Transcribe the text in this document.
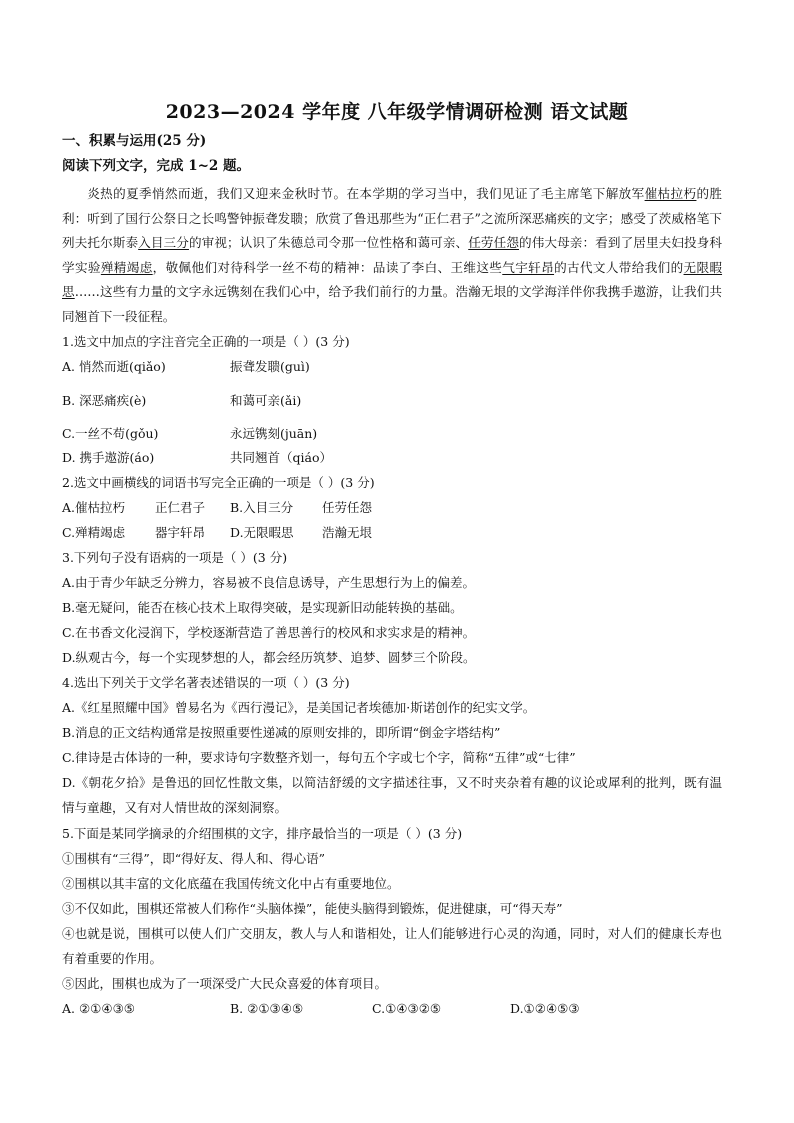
2023—2024 学年度 八年级学情调研检测 语文试题
一、积累与运用(25 分)
阅读下列文字，完成 1~2 题。
炎热的夏季悄然而逝，我们又迎来金秋时节。在本学期的学习当中，我们见证了毛主席笔下解放军催枯拉朽的胜利：听到了国行公祭日之长鸣警钟振聋发聩；欣赏了鲁迅那些为“正仁君子”之流所深恶痛疾的文字；感受了茨威格笔下列夫托尔斯泰入目三分的审视；认识了朱德总司令那一位性格和蔼可亲、任劳任怨的伟大母亲：看到了居里夫妇投身科学实验殚精竭虑，敬佩他们对待科学一丝不苟的精神：品读了李白、王维这些气宇轩昂的古代文人带给我们的无限暇思……这些有力量的文字永远镌刻在我们心中，给予我们前行的力量。浩瀚无垠的文学海洋伴你我携手遨游，让我们共同翘首下一段征程。
1.选文中加点的字注音完全正确的一项是（ ）(3 分)
A. 悄然而逝(qiǎo)	振聋发聩(guì)
B. 深恶痛疾(è)	和蔼可亲(ǎi)
C.一丝不苟(gǒu)	永远镌刻(juān)
D. 携手遨游(áo)	共同翘首（qiáo）
2.选文中画横线的词语书写完全正确的一项是（ ）(3 分)
A.催枯拉朽 正仁君子 B.入目三分 任劳任怨
C.殚精竭虑 器宇轩昂 D.无限暇思 浩瀚无垠
3.下列句子没有语病的一项是（ ）(3 分)
A.由于青少年缺乏分辨力，容易被不良信息诱导，产生思想行为上的偏差。
B.毫无疑问，能否在核心技术上取得突破，是实现新旧动能转换的基础。
C.在书香文化浸润下，学校逐渐营造了善思善行的校风和求实求是的精神。
D.纵观古今，每一个实现梦想的人，都会经历筑梦、追梦、圆梦三个阶段。
4.选出下列关于文学名著表述错误的一项（ ）(3 分)
A.《红星照耀中国》曾易名为《西行漫记》，是美国记者埃德加·斯诺创作的纪实文学。
B.消息的正文结构通常是按照重要性递减的原则安排的，即所谓“倒金字塔结构”
C.律诗是古体诗的一种，要求诗句字数整齐划一，每句五个字或七个字，简称“五律”或“七律”
D.《朝花夕拾》是鲁迅的回忆性散文集，以简洁舒缓的文字描述往事，又不时夹杂着有趣的议论或犀利的批判，既有温情与童趣，又有对人情世故的深刻洞察。
5.下面是某同学摘录的介绍围棋的文字，排序最恰当的一项是（ ）(3 分)
①围棋有“三得”，即“得好友、得人和、得心语”
②围棋以其丰富的文化底蕴在我国传统文化中占有重要地位。
③不仅如此，围棋还常被人们称作“头脑体操”，能使头脑得到锻炼，促进健康，可“得天寿”
④也就是说，围棋可以使人们广交朋友，教人与人和谐相处，让人们能够进行心灵的沟通，同时，对人们的健康长寿也有着重要的作用。
⑤因此，围棋也成为了一项深受广大民众喜爱的体育项目。
A. ②①④③⑤	B. ②①③④⑤	C.①④③②⑤	D.①②④⑤③
